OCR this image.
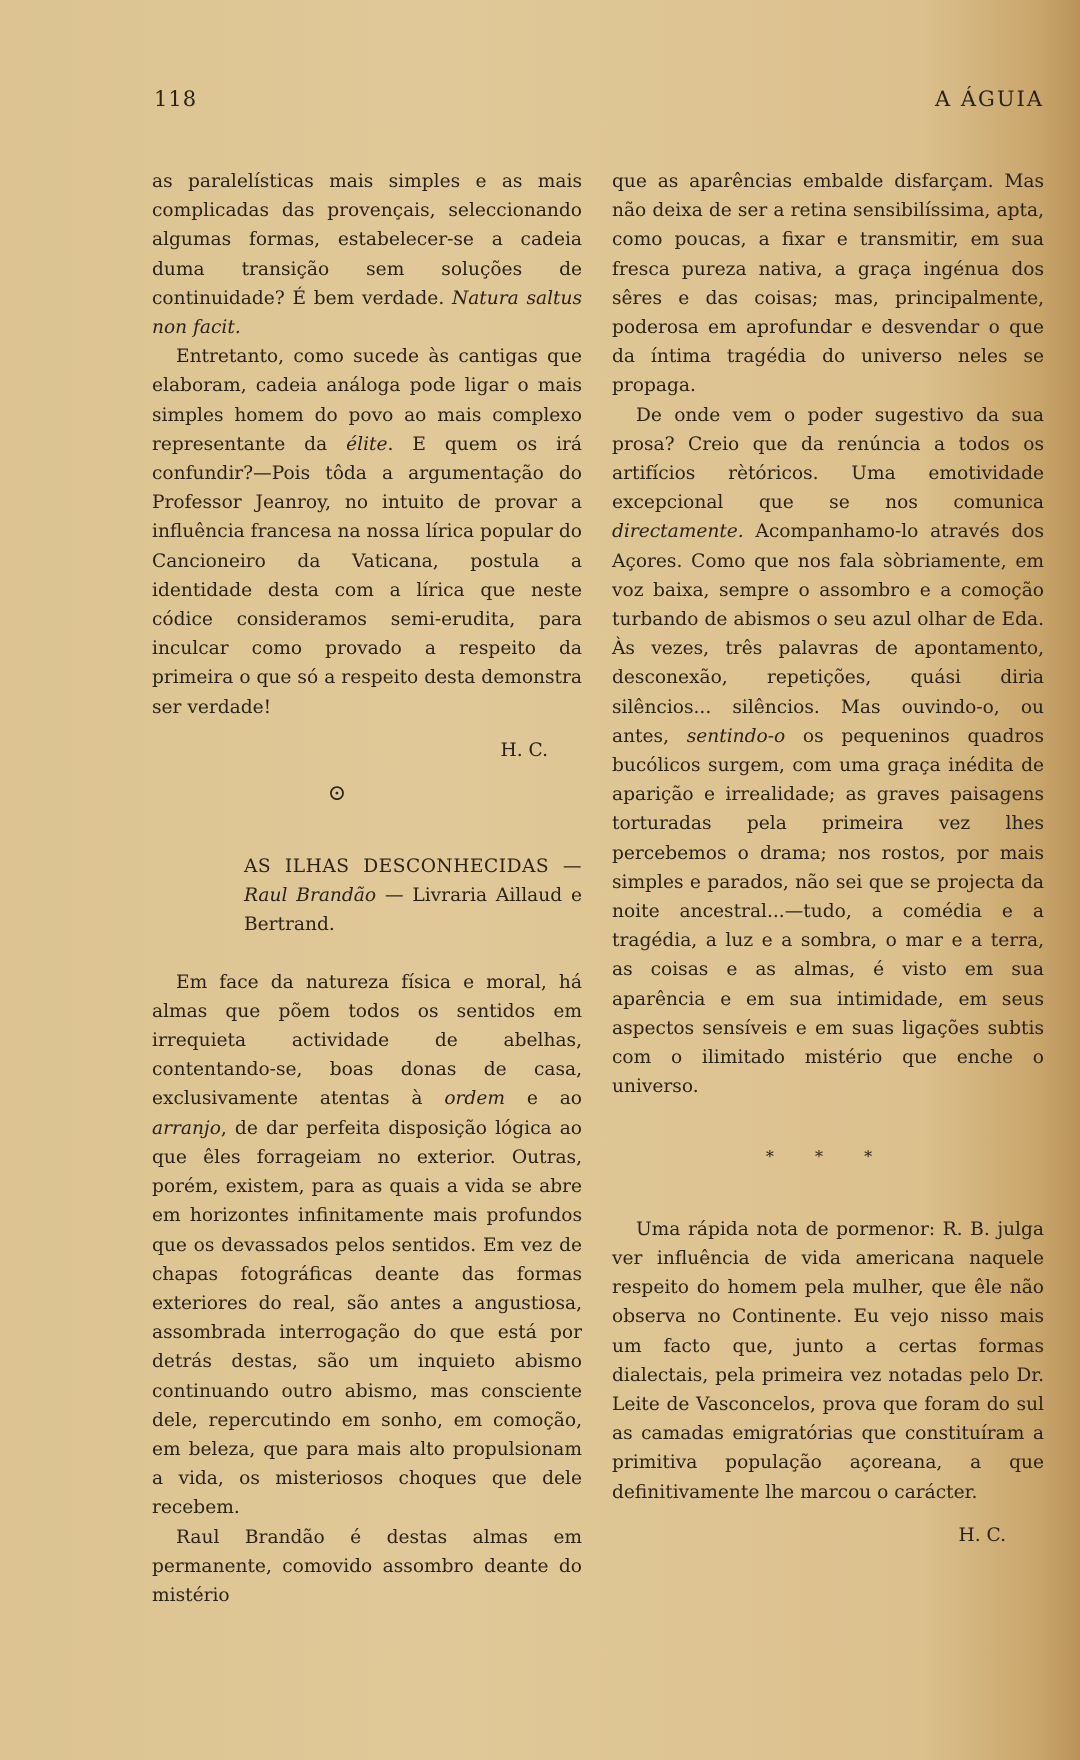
118	A ÁGUIA

as paralelísticas mais simples e as mais complicadas das provençais, seleccionando algumas formas, estabelecer-se a cadeia duma transição sem soluções de continuidade? É bem verdade. Natura saltus non facit.

Entretanto, como sucede às cantigas que elaboram, cadeia análoga pode ligar o mais simples homem do povo ao mais complexo representante da élite. E quem os irá confundir?—Pois tôda a argumentação do Professor Jeanroy, no intuito de provar a influência francesa na nossa lírica popular do Cancioneiro da Vaticana, postula a identidade desta com a lírica que neste códice consideramos semi-erudita, para inculcar como provado a respeito da primeira o que só a respeito desta demonstra ser verdade!

H. C.

⊙

AS ILHAS DESCONHECIDAS — Raul Brandão — Livraria Aillaud e Bertrand.

Em face da natureza física e moral, há almas que põem todos os sentidos em irrequieta actividade de abelhas, contentando-se, boas donas de casa, exclusivamente atentas à ordem e ao arranjo, de dar perfeita disposição lógica ao que êles forrageiam no exterior. Outras, porém, existem, para as quais a vida se abre em horizontes infinitamente mais profundos que os devassados pelos sentidos. Em vez de chapas fotográficas deante das formas exteriores do real, são antes a angustiosa, assombrada interrogação do que está por detrás destas, são um inquieto abismo continuando outro abismo, mas consciente dele, repercutindo em sonho, em comoção, em beleza, que para mais alto propulsionam a vida, os misteriosos choques que dele recebem.

Raul Brandão é destas almas em permanente, comovido assombro deante do mistério

que as aparências embalde disfarçam. Mas não deixa de ser a retina sensibilíssima, apta, como poucas, a fixar e transmitir, em sua fresca pureza nativa, a graça ingénua dos sêres e das coisas; mas, principalmente, poderosa em aprofundar e desvendar o que da íntima tragédia do universo neles se propaga.

De onde vem o poder sugestivo da sua prosa? Creio que da renúncia a todos os artifícios rètóricos. Uma emotividade excepcional que se nos comunica directamente. Acompanhamo-lo através dos Açores. Como que nos fala sòbriamente, em voz baixa, sempre o assombro e a comoção turbando de abismos o seu azul olhar de Eda. Às vezes, três palavras de apontamento, desconexão, repetições, quási diria silêncios... silêncios. Mas ouvindo-o, ou antes, sentindo-o os pequeninos quadros bucólicos surgem, com uma graça inédita de aparição e irrealidade; as graves paisagens torturadas pela primeira vez lhes percebemos o drama; nos rostos, por mais simples e parados, não sei que se projecta da noite ancestral...—tudo, a comédia e a tragédia, a luz e a sombra, o mar e a terra, as coisas e as almas, é visto em sua aparência e em sua intimidade, em seus aspectos sensíveis e em suas ligações subtis com o ilimitado mistério que enche o universo.

* * *

Uma rápida nota de pormenor: R. B. julga ver influência de vida americana naquele respeito do homem pela mulher, que êle não observa no Continente. Eu vejo nisso mais um facto que, junto a certas formas dialectais, pela primeira vez notadas pelo Dr. Leite de Vasconcelos, prova que foram do sul as camadas emigratórias que constituíram a primitiva população açoreana, a que definitivamente lhe marcou o carácter.

H. C.
